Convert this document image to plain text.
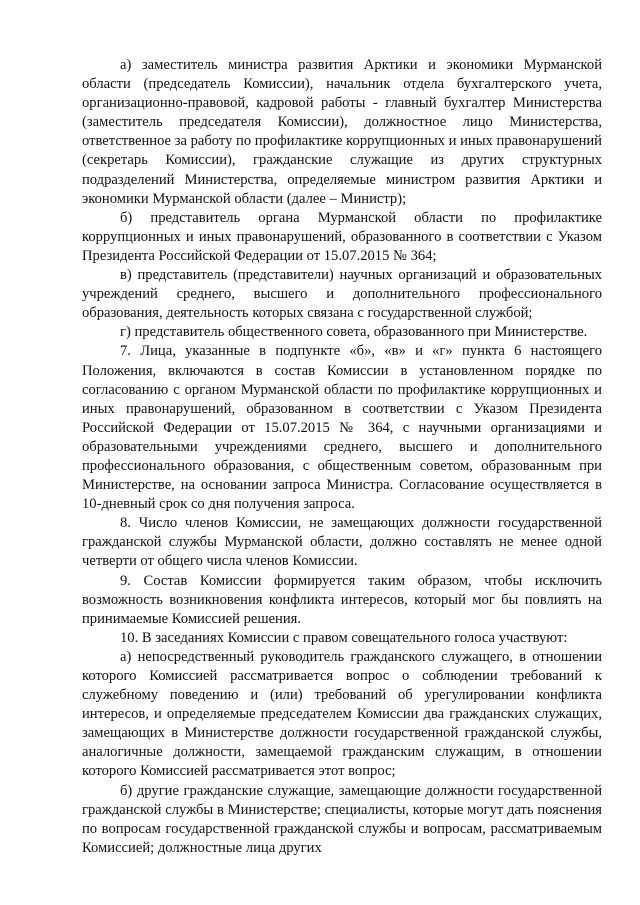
а) заместитель министра развития Арктики и экономики Мурманской области (председатель Комиссии), начальник отдела бухгалтерского учета, организационно-правовой, кадровой работы - главный бухгалтер Министерства (заместитель председателя Комиссии), должностное лицо Министерства, ответственное за работу по профилактике коррупционных и иных правонарушений (секретарь Комиссии), гражданские служащие из других структурных подразделений Министерства, определяемые министром развития Арктики и экономики Мурманской области (далее – Министр);

б) представитель органа Мурманской области по профилактике коррупционных и иных правонарушений, образованного в соответствии с Указом Президента Российской Федерации от 15.07.2015 № 364;

в) представитель (представители) научных организаций и образовательных учреждений среднего, высшего и дополнительного профессионального образования, деятельность которых связана с государственной службой;

г) представитель общественного совета, образованного при Министерстве.

7. Лица, указанные в подпункте «б», «в» и «г» пункта 6 настоящего Положения, включаются в состав Комиссии в установленном порядке по согласованию с органом Мурманской области по профилактике коррупционных и иных правонарушений, образованном в соответствии с Указом Президента Российской Федерации от 15.07.2015 № 364, с научными организациями и образовательными учреждениями среднего, высшего и дополнительного профессионального образования, с общественным советом, образованным при Министерстве, на основании запроса Министра. Согласование осуществляется в 10-дневный срок со дня получения запроса.

8. Число членов Комиссии, не замещающих должности государственной гражданской службы Мурманской области, должно составлять не менее одной четверти от общего числа членов Комиссии.

9. Состав Комиссии формируется таким образом, чтобы исключить возможность возникновения конфликта интересов, который мог бы повлиять на принимаемые Комиссией решения.

10. В заседаниях Комиссии с правом совещательного голоса участвуют:

а) непосредственный руководитель гражданского служащего, в отношении которого Комиссией рассматривается вопрос о соблюдении требований к служебному поведению и (или) требований об урегулировании конфликта интересов, и определяемые председателем Комиссии два гражданских служащих, замещающих в Министерстве должности государственной гражданской службы, аналогичные должности, замещаемой гражданским служащим, в отношении которого Комиссией рассматривается этот вопрос;

б) другие гражданские служащие, замещающие должности государственной гражданской службы в Министерстве; специалисты, которые могут дать пояснения по вопросам государственной гражданской службы и вопросам, рассматриваемым Комиссией; должностные лица других
